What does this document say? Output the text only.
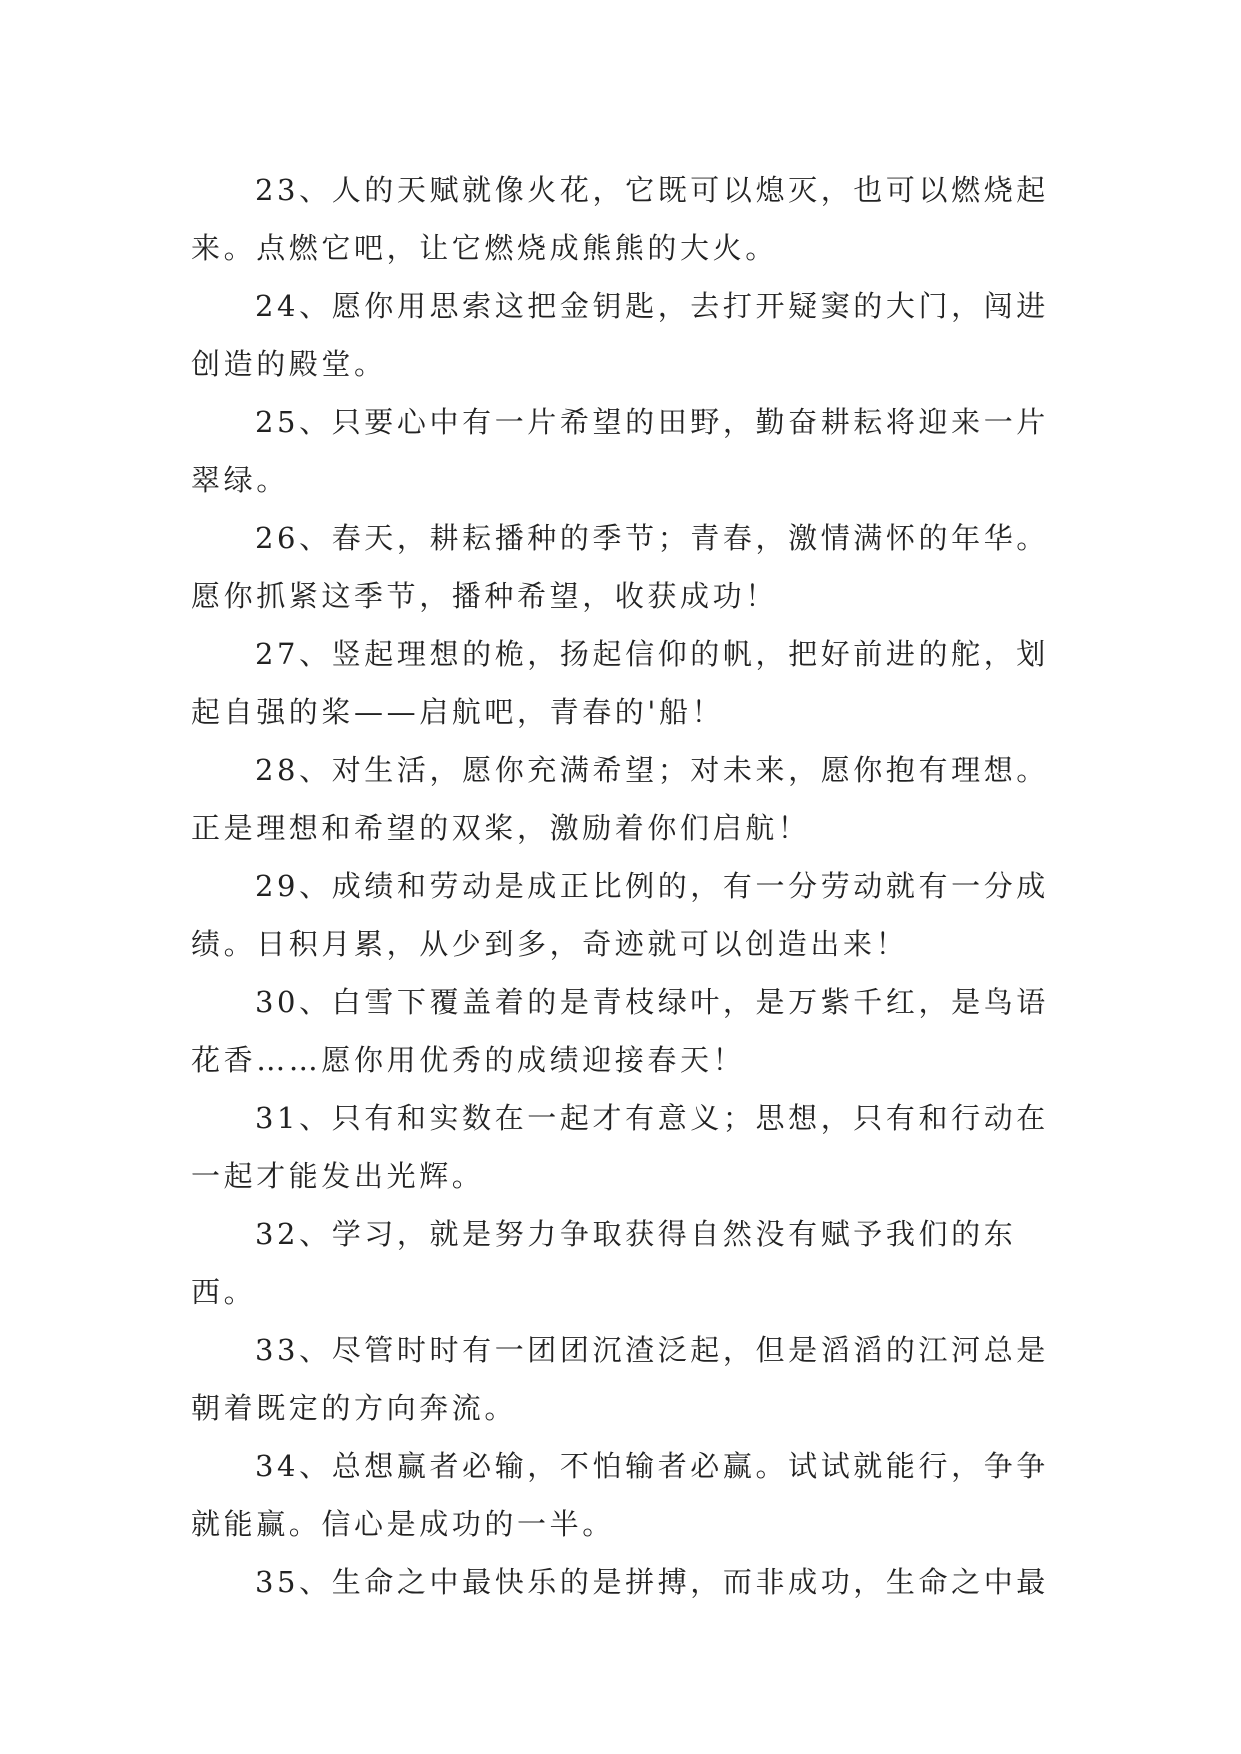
23、人的天赋就像火花，它既可以熄灭，也可以燃烧起来。点燃它吧，让它燃烧成熊熊的大火。

24、愿你用思索这把金钥匙，去打开疑窦的大门，闯进创造的殿堂。

25、只要心中有一片希望的田野，勤奋耕耘将迎来一片翠绿。

26、春天，耕耘播种的季节；青春，激情满怀的年华。愿你抓紧这季节，播种希望，收获成功！

27、竖起理想的桅，扬起信仰的帆，把好前进的舵，划起自强的桨——启航吧，青春的'船！

28、对生活，愿你充满希望；对未来，愿你抱有理想。正是理想和希望的双桨，激励着你们启航！

29、成绩和劳动是成正比例的，有一分劳动就有一分成绩。日积月累，从少到多，奇迹就可以创造出来！

30、白雪下覆盖着的是青枝绿叶，是万紫千红，是鸟语花香……愿你用优秀的成绩迎接春天！

31、只有和实数在一起才有意义；思想，只有和行动在一起才能发出光辉。

32、学习，就是努力争取获得自然没有赋予我们的东西。

33、尽管时时有一团团沉渣泛起，但是滔滔的江河总是朝着既定的方向奔流。

34、总想赢者必输，不怕输者必赢。试试就能行，争争就能赢。信心是成功的一半。

35、生命之中最快乐的是拼搏，而非成功，生命之中最
